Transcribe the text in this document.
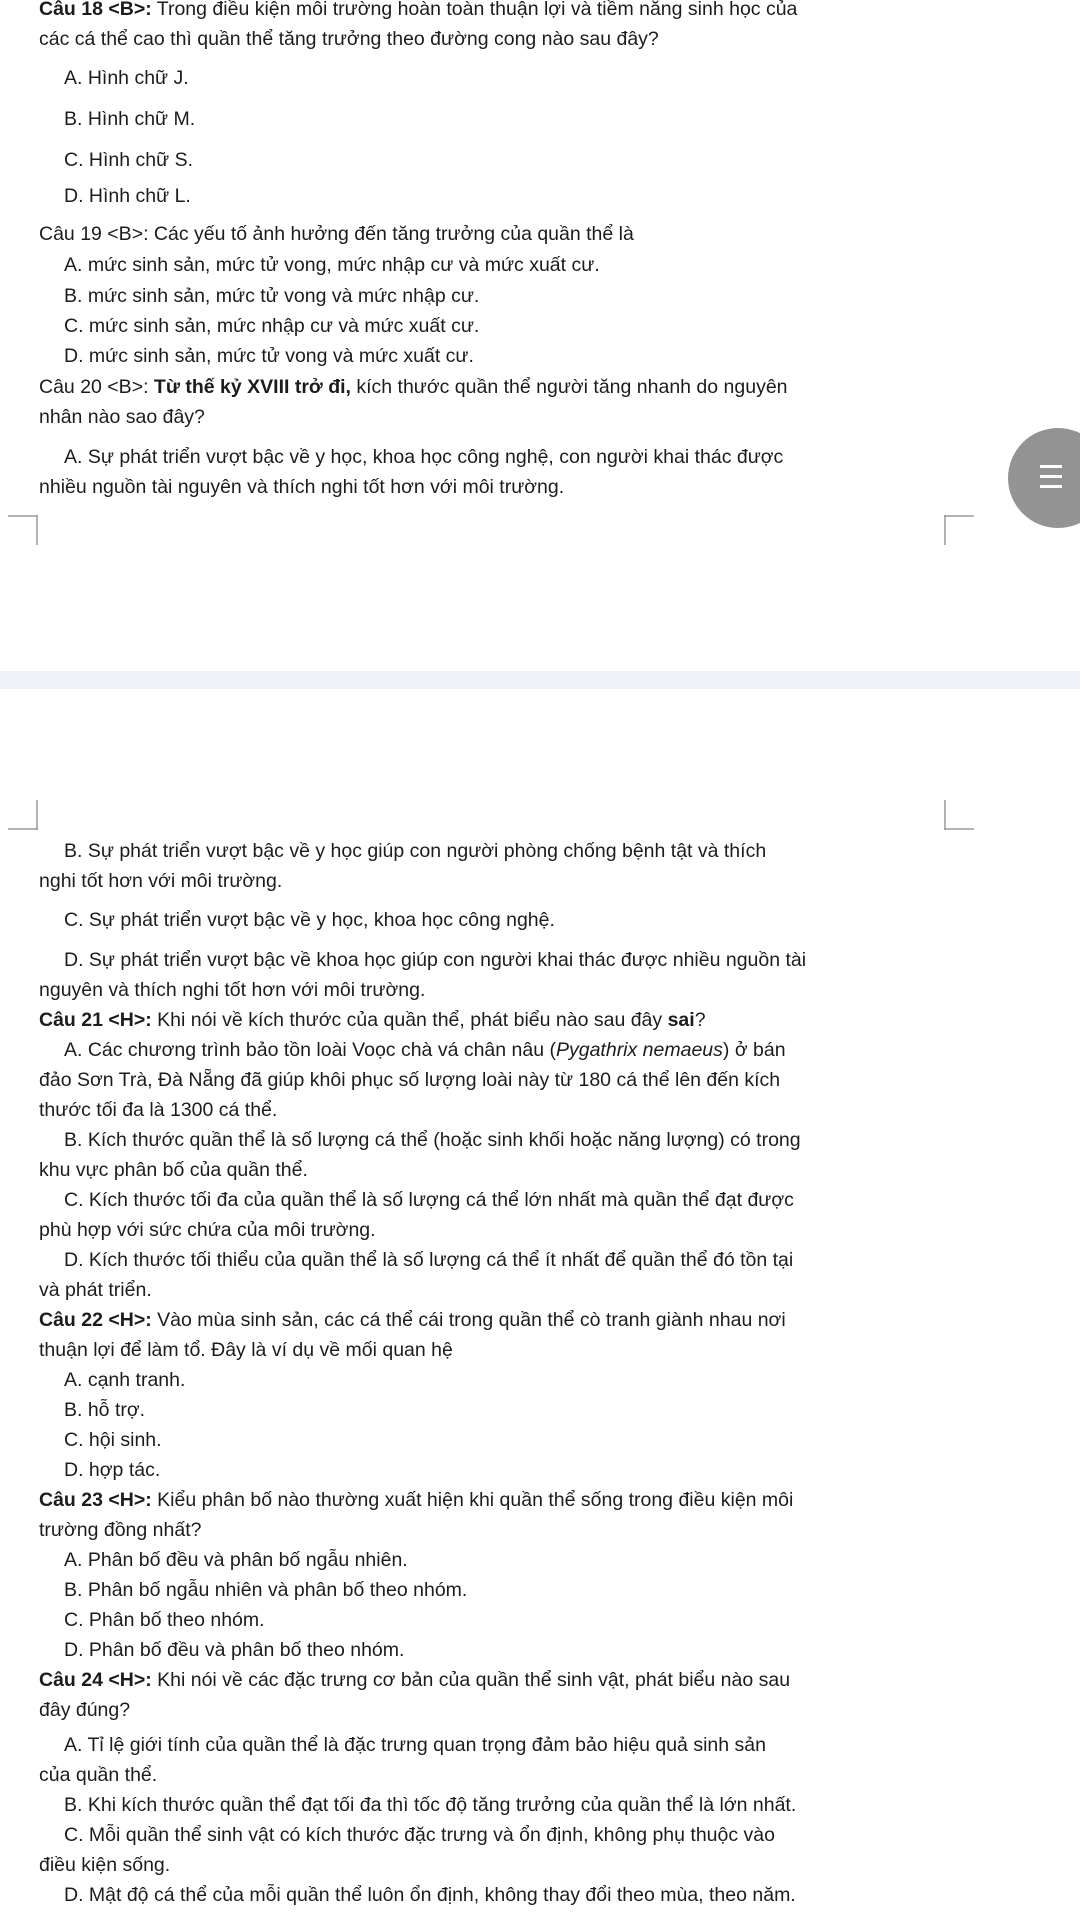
Câu 18 <B>: Trong điều kiện môi trường hoàn toàn thuận lợi và tiềm năng sinh học của
các cá thể cao thì quần thể tăng trưởng theo đường cong nào sau đây?
A. Hình chữ J.
B. Hình chữ M.
C. Hình chữ S.
D. Hình chữ L.
Câu 19 <B>: Các yếu tố ảnh hưởng đến tăng trưởng của quần thể là
A. mức sinh sản, mức tử vong, mức nhập cư và mức xuất cư.
B. mức sinh sản, mức tử vong và mức nhập cư.
C. mức sinh sản, mức nhập cư và mức xuất cư.
D. mức sinh sản, mức tử vong và mức xuất cư.
Câu 20 <B>: Từ thế kỷ XVIII trở đi, kích thước quần thể người tăng nhanh do nguyên
nhân nào sao đây?
A. Sự phát triển vượt bậc về y học, khoa học công nghệ, con người khai thác được
nhiều nguồn tài nguyên và thích nghi tốt hơn với môi trường.
B. Sự phát triển vượt bậc về y học giúp con người phòng chống bệnh tật và thích
nghi tốt hơn với môi trường.
C. Sự phát triển vượt bậc về y học, khoa học công nghệ.
D. Sự phát triển vượt bậc về khoa học giúp con người khai thác được nhiều nguồn tài
nguyên và thích nghi tốt hơn với môi trường.
Câu 21 <H>: Khi nói về kích thước của quần thể, phát biểu nào sau đây sai?
A. Các chương trình bảo tồn loài Voọc chà vá chân nâu (Pygathrix nemaeus) ở bán
đảo Sơn Trà, Đà Nẵng đã giúp khôi phục số lượng loài này từ 180 cá thể lên đến kích
thước tối đa là 1300 cá thể.
B. Kích thước quần thể là số lượng cá thể (hoặc sinh khối hoặc năng lượng) có trong
khu vực phân bố của quần thể.
C. Kích thước tối đa của quần thể là số lượng cá thể lớn nhất mà quần thể đạt được
phù hợp với sức chứa của môi trường.
D. Kích thước tối thiểu của quần thể là số lượng cá thể ít nhất để quần thể đó tồn tại
và phát triển.
Câu 22 <H>: Vào mùa sinh sản, các cá thể cái trong quần thể cò tranh giành nhau nơi
thuận lợi để làm tổ. Đây là ví dụ về mối quan hệ
A. cạnh tranh.
B. hỗ trợ.
C. hội sinh.
D. hợp tác.
Câu 23 <H>: Kiểu phân bố nào thường xuất hiện khi quần thể sống trong điều kiện môi
trường đồng nhất?
A. Phân bố đều và phân bố ngẫu nhiên.
B. Phân bố ngẫu nhiên và phân bố theo nhóm.
C. Phân bố theo nhóm.
D. Phân bố đều và phân bố theo nhóm.
Câu 24 <H>: Khi nói về các đặc trưng cơ bản của quần thể sinh vật, phát biểu nào sau
đây đúng?
A. Tỉ lệ giới tính của quần thể là đặc trưng quan trọng đảm bảo hiệu quả sinh sản
của quần thể.
B. Khi kích thước quần thể đạt tối đa thì tốc độ tăng trưởng của quần thể là lớn nhất.
C. Mỗi quần thể sinh vật có kích thước đặc trưng và ổn định, không phụ thuộc vào
điều kiện sống.
D. Mật độ cá thể của mỗi quần thể luôn ổn định, không thay đổi theo mùa, theo năm.
